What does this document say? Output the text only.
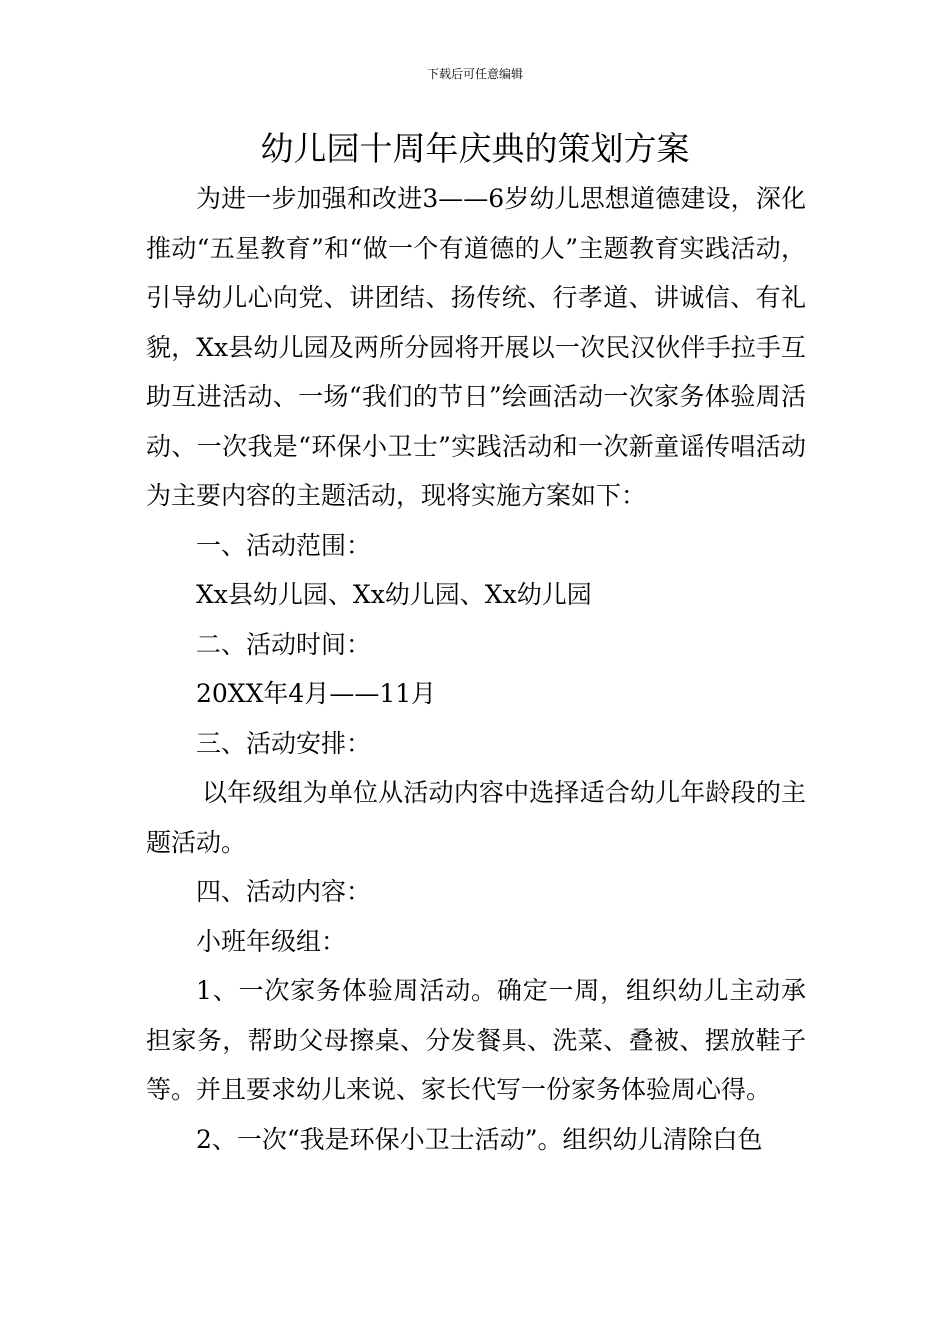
下载后可任意编辑
幼儿园十周年庆典的策划方案

为进一步加强和改进3——6岁幼儿思想道德建设，深化推动“五星教育”和“做一个有道德的人”主题教育实践活动，引导幼儿心向党、讲团结、扬传统、行孝道、讲诚信、有礼貌，Xx县幼儿园及两所分园将开展以一次民汉伙伴手拉手互助互进活动、一场“我们的节日”绘画活动一次家务体验周活动、一次我是“环保小卫士”实践活动和一次新童谣传唱活动为主要内容的主题活动，现将实施方案如下：

一、活动范围：

Xx县幼儿园、Xx幼儿园、Xx幼儿园

二、活动时间：

20XX年4月——11月

三、活动安排：

以年级组为单位从活动内容中选择适合幼儿年龄段的主题活动。

四、活动内容：

小班年级组：

1、一次家务体验周活动。确定一周，组织幼儿主动承担家务，帮助父母擦桌、分发餐具、洗菜、叠被、摆放鞋子等。并且要求幼儿来说、家长代写一份家务体验周心得。

2、一次“我是环保小卫士活动”。组织幼儿清除白色
